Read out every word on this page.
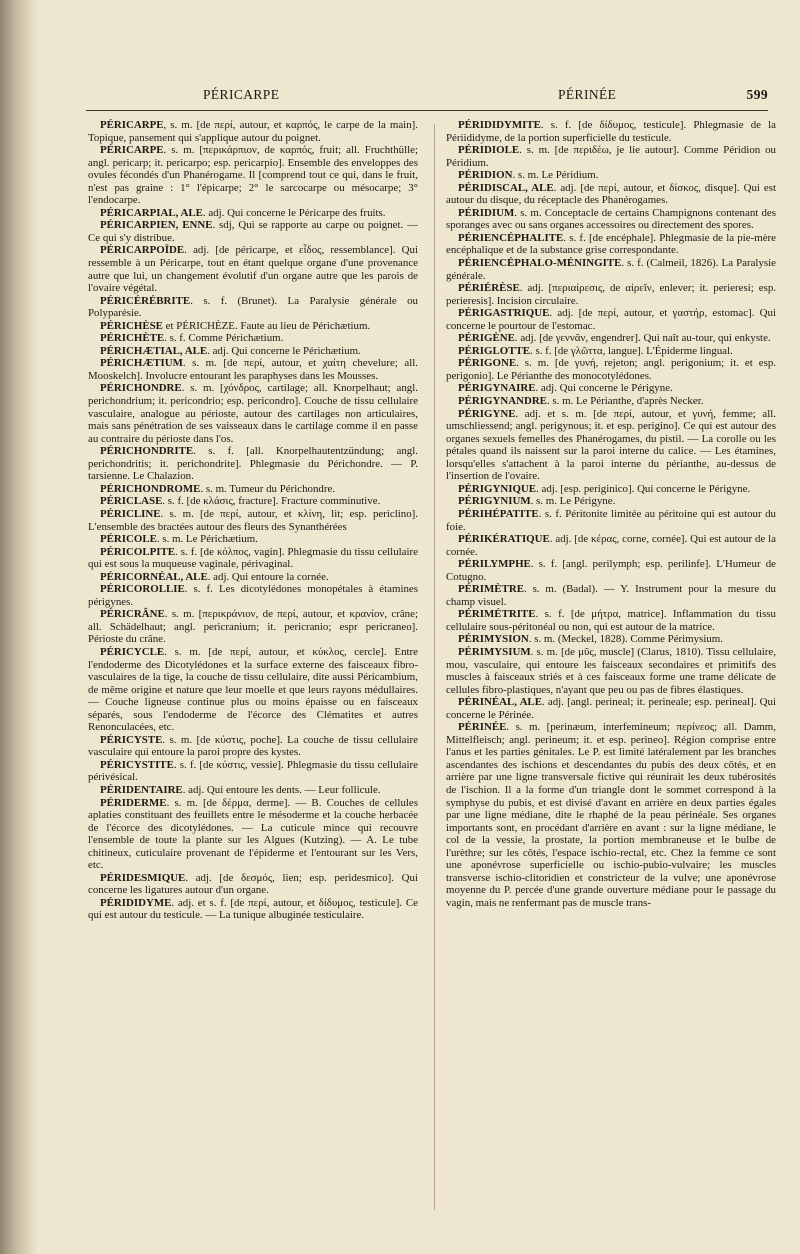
PÉRICARPE	PÉRINÉE	599

PÉRICARPE, s. m. [de περί, autour, et καρπός, le carpe de la main]. Topique, pansement qui s'applique autour du poignet.

PÉRICARPE. s. m. [περικάρπιον, de καρπός, fruit; all. Fruchthülle; angl. pericarp; it. pericarpo; esp. pericarpio]. Ensemble des enveloppes des ovules fécondés d'un Phanérogame. Il [comprend tout ce qui, dans le fruit, n'est pas graine : 1° l'épicarpe; 2° le sarcocarpe ou mésocarpe; 3° l'endocarpe.

PÉRICARPIAL, ALE. adj. Qui concerne le Péricarpe des fruits.

PÉRICARPIEN, ENNE. sdj, Qui se rapporte au carpe ou poignet. — Ce qui s'y distribue.

PÉRICARPOÏDE. adj. [de péricarpe, et εἶδος, ressemblance]. Qui ressemble à un Péricarpe, tout en étant quelque organe d'une provenance autre que lui, un changement évolutif d'un organe autre que les parois de l'ovaire végétal.

PÉRICÉRÉBRITE. s. f. (Brunet). La Paralysie générale ou Polyparésie.

PÉRICHÈSE et PÉRICHÈZE. Faute au lieu de Périchætium.

PÉRICHÈTE. s. f. Comme Périchætium.

PÉRICHÆTIAL, ALE. adj. Qui concerne le Périchætium.

PÉRICHÆTIUM. s. m. [de περί, autour, et χαίτη chevelure; all. Mooskelch]. Involucre entourant les paraphyses dans les Mousses.

PÉRICHONDRE. s. m. [χόνδρος, cartilage; all. Knorpelhaut; angl. perichondrium; it. pericondrio; esp. pericondro]. Couche de tissu cellulaire vasculaire, analogue au périoste, autour des cartilages non articulaires, mais sans pénétration de ses vaisseaux dans le cartilage comme il en passe au contraire du périoste dans l'os.

PÉRICHONDRITE. s. f. [all. Knorpelhautentzündung; angl. perichondritis; it. perichondrite]. Phlegmasie du Périchondre. — P. tarsienne. Le Chalazion.

PÉRICHONDROME. s. m. Tumeur du Périchondre.

PÉRICLASE. s. f. [de κλάσις, fracture]. Fracture comminutive.

PÉRICLINE. s. m. [de περί, autour, et κλίνη, lit; esp. periclino]. L'ensemble des bractées autour des fleurs des Synanthérées

PÉRICOLE. s. m. Le Périchætium.

PÉRICOLPITE. s. f. [de κόλπος, vagin]. Phlegmasie du tissu cellulaire qui est sous la muqueuse vaginale, périvaginal.

PÉRICORNÉAL, ALE. adj. Qui entoure la cornée.

PÉRICOROLLIE. s. f. Les dicotylédones monopétales à étamines périgynes.

PÉRICRÂNE. s. m. [περικράνιον, de περί, autour, et κρανίον, crâne; all. Schädelhaut; angl. pericranium; it. pericranio; espr pericraneo]. Périoste du crâne.

PÉRICYCLE. s. m. [de περί, autour, et κύκλος, cercle]. Entre l'endoderme des Dicotylédones et la surface externe des faisceaux fibro-vasculaires de la tige, la couche de tissu cellulaire, dite aussi Péricambium, de même origine et nature que leur moelle et que leurs rayons médullaires. — Couche ligneuse continue plus ou moins épaisse ou en faisceaux séparés, sous l'endoderme de l'écorce des Clématites et autres Renonculacées, etc.

PÉRICYSTE. s. m. [de κύστις, poche]. La couche de tissu cellulaire vasculaire qui entoure la paroi propre des kystes.

PÉRICYSTITE. s. f. [de κύστις, vessie]. Phlegmasie du tissu cellulaire périvésical.

PÉRIDENTAIRE. adj. Qui entoure les dents. — Leur follicule.

PÉRIDERME. s. m. [de δέρμα, derme]. — B. Couches de cellules aplaties constituant des feuillets entre le mésoderme et la couche herbacée de l'écorce des dicotylédones. — La cuticule mince qui recouvre l'ensemble de toute la plante sur les Algues (Kutzing). — A. Le tube chitineux, cuticulaire provenant de l'épiderme et l'entourant sur les Vers, etc.

PÉRIDESMIQUE. adj. [de δεσμός, lien; esp. peridesmico]. Qui concerne les ligatures autour d'un organe.

PÉRIDIDYME. adj. et s. f. [de περί, autour, et δίδυμος, testicule]. Ce qui est autour du testicule. — La tunique albuginée testiculaire.

PÉRIDIDYMITE. s. f. [de δίδυμος, testicule]. Phlegmasie de la Périididyme, de la portion superficielle du testicule.

PÉRIDIOLE. s. m. [de περιδέω, je lie autour]. Comme Péridion ou Péridium.

PÉRIDION. s. m. Le Péridium.

PÉRIDISCAL, ALE. adj. [de περί, autour, et δίσκος, disque]. Qui est autour du disque, du réceptacle des Phanérogames.

PÉRIDIUM. s. m. Conceptacle de certains Champignons contenant des sporanges avec ou sans organes accessoires ou directement des spores.

PÉRIENCÉPHALITE. s. f. [de encéphale]. Phlegmasie de la pie-mère encéphalique et de la substance grise correspondante.

PÉRIENCÉPHALO-MÉNINGITE. s. f. (Calmeil, 1826). La Paralysie générale.

PÉRIÉRÈSE. adj. [περιαίρεσις, de αἱρεῖν, enlever; it. perieresi; esp. perieresis]. Incision circulaire.

PÉRIGASTRIQUE. adj. [de περί, autour, et γαστήρ, estomac]. Qui concerne le pourtour de l'estomac.

PÉRIGÈNE. adj. [de γεννᾶν, engendrer]. Qui naît au-tour, qui enkyste.

PÉRIGLOTTE. s. f. [de γλῶττα, langue]. L'Épiderme lingual.

PÉRIGONE. s. m. [de γυνή, rejeton; angl. perigonium; it. et esp. perigonio]. Le Périanthe des monocotylédones.

PÉRIGYNAIRE. adj. Qui concerne le Périgyne.

PÉRIGYNANDRE. s. m. Le Périanthe, d'après Necker.

PÉRIGYNE. adj. et s. m. [de περί, autour, et γυνή, femme; all. umschliessend; angl. perigynous; it. et esp. perigino]. Ce qui est autour des organes sexuels femelles des Phanérogames, du pistil. — La corolle ou les pétales quand ils naissent sur la paroi interne du calice. — Les étamines, lorsqu'elles s'attachent à la paroi interne du périanthe, au-dessus de l'insertion de l'ovaire.

PÉRIGYNIQUE. adj. [esp. periginico]. Qui concerne le Périgyne.

PÉRIGYNIUM. s. m. Le Périgyne.

PÉRIHÉPATITE. s. f. Péritonite limitée au péritoine qui est autour du foie.

PÉRIKÉRATIQUE. adj. [de κέρας, corne, cornée]. Qui est autour de la cornée.

PÉRILYMPHE. s. f. [angl. perilymph; esp. perilinfe]. L'Humeur de Cotugno.

PÉRIMÈTRE. s. m. (Badal). — Y. Instrument pour la mesure du champ visuel.

PÉRIMÉTRITE. s. f. [de μήτρα, matrice]. Inflammation du tissu cellulaire sous-péritonéal ou non, qui est autour de la matrice.

PÉRIMYSION. s. m. (Meckel, 1828). Comme Périmysium.

PÉRIMYSIUM. s. m. [de μῦς, muscle] (Clarus, 1810). Tissu cellulaire, mou, vasculaire, qui entoure les faisceaux secondaires et primitifs des muscles à faisceaux striés et à ces faisceaux forme une trame délicate de cellules fibro-plastiques, n'ayant que peu ou pas de fibres élastiques.

PÉRINÉAL, ALE. adj. [angl. perineal; it. perineale; esp. perineal]. Qui concerne le Périnée.

PÉRINÉE. s. m. [perinæum, interfemineum; περίνεος; all. Damm, Mittelfleisch; angl. perineum; it. et esp. perineo]. Région comprise entre l'anus et les parties génitales. Le P. est limité latéralement par les branches ascendantes des ischions et descendantes du pubis des deux côtés, et en arrière par une ligne transversale fictive qui réunirait les deux tubérosités de l'ischion. Il a la forme d'un triangle dont le sommet correspond à la symphyse du pubis, et est divisé d'avant en arrière en deux parties égales par une ligne médiane, dite le rhaphé de la peau périnéale. Ses organes importants sont, en procédant d'arrière en avant : sur la ligne médiane, le col de la vessie, la prostate, la portion membraneuse et le bulbe de l'urèthre; sur les côtés, l'espace ischio-rectal, etc. Chez la femme ce sont une aponévrose superficielle ou ischio-pubio-vulvaire; les muscles transverse ischio-clitoridien et constricteur de la vulve; une aponévrose moyenne du P. percée d'une grande ouverture médiane pour le passage du vagin, mais ne renfermant pas de muscle trans-
